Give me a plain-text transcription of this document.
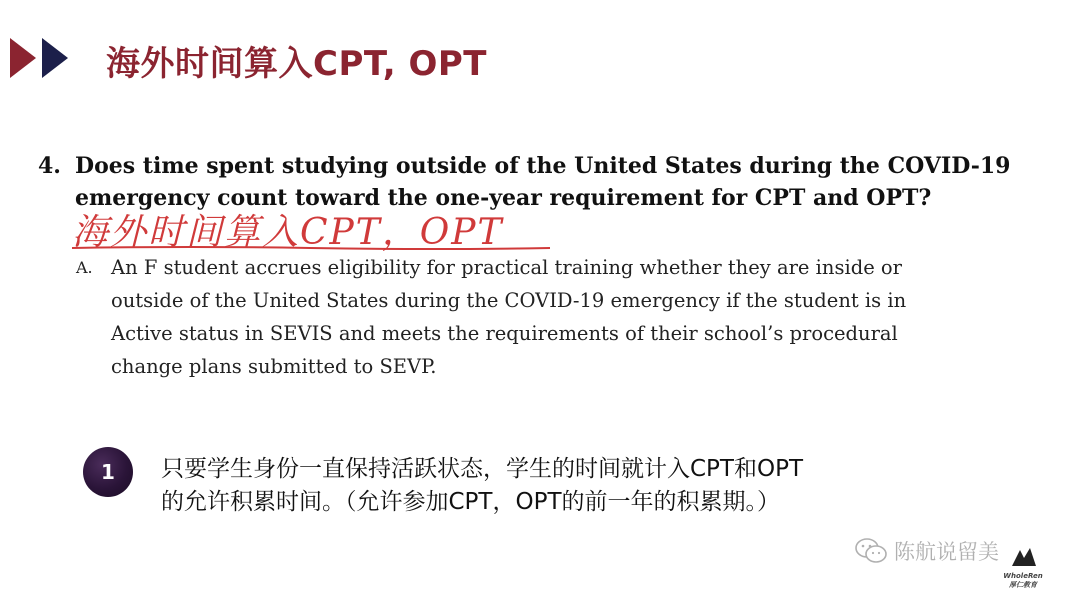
海外时间算入CPT, OPT
4. Does time spent studying outside of the United States during the COVID-19
emergency count toward the one-year requirement for CPT and OPT?
海外时间算入CPT，OPT
A. An F student accrues eligibility for practical training whether they are inside or
outside of the United States during the COVID-19 emergency if the student is in
Active status in SEVIS and meets the requirements of their school’s procedural
change plans submitted to SEVP.
1	只要学生身份一直保持活跃状态，学生的时间就计入CPT和OPT
的允许积累时间。（允许参加CPT，OPT的前一年的积累期。）
陈航说留美
WholeRen
厚仁教育
